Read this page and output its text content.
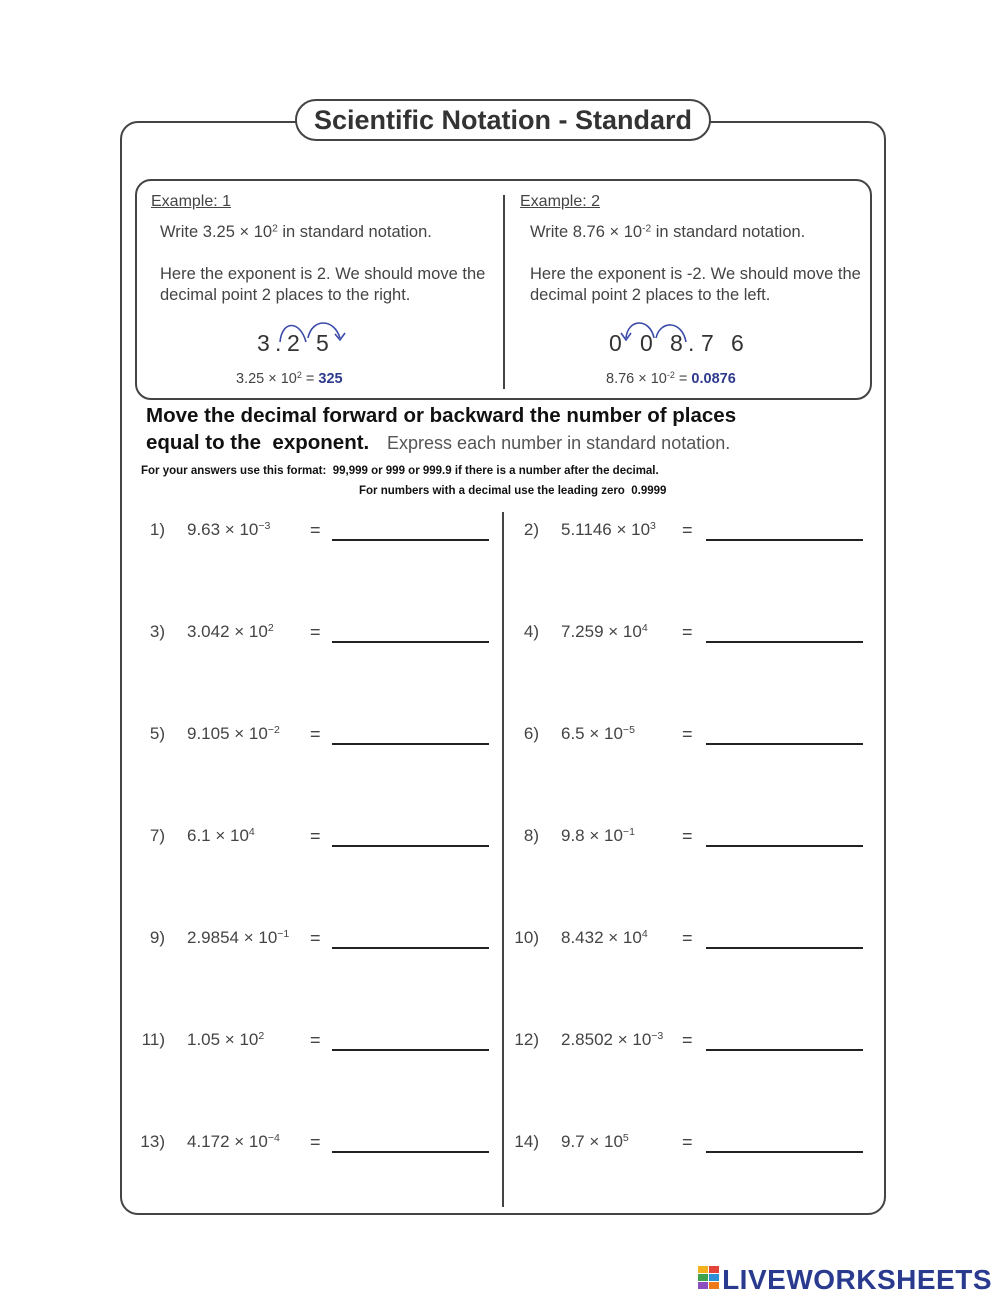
Scientific Notation - Standard
Example: 1
Write $3.25 \times 10^2$ in standard notation.
Here the exponent is 2. We should move the
decimal point 2 places to the right.
3 . 2 5
$3.25 \times 10^2 = 325$
Example: 2
Write $8.76 \times 10^{-2}$ in standard notation.
Here the exponent is -2. We should move the
decimal point 2 places to the left.
0 0 8 . 7 6
$8.76 \times 10^{-2} = 0.0876$
Move the decimal forward or backward the number of places
equal to the  exponent. Express each number in standard notation.
For your answers use this format: 99,999 or 999 or 999.9 if there is a number after the decimal.
For numbers with a decimal use the leading zero 0.9999
1) $9.63 \times 10^{-3}$ =	2) $5.1146 \times 10^3$ =
3) $3.042 \times 10^2$ =	4) $7.259 \times 10^4$ =
5) $9.105 \times 10^{-2}$ =	6) $6.5 \times 10^{-5}$	=
7) $6.1 \times 10^4$	=	8) $9.8 \times 10^{-1}$	=
9) $2.9854 \times 10^{-1}$ =	10) $8.432 \times 10^4$ =
11) $1.05 \times 10^2$	=	12) $2.8502 \times 10^{-3}$ =
13) $4.172 \times 10^{-4}$ =	14) $9.7 \times 10^5$	=
LIVEWORKSHEETS
